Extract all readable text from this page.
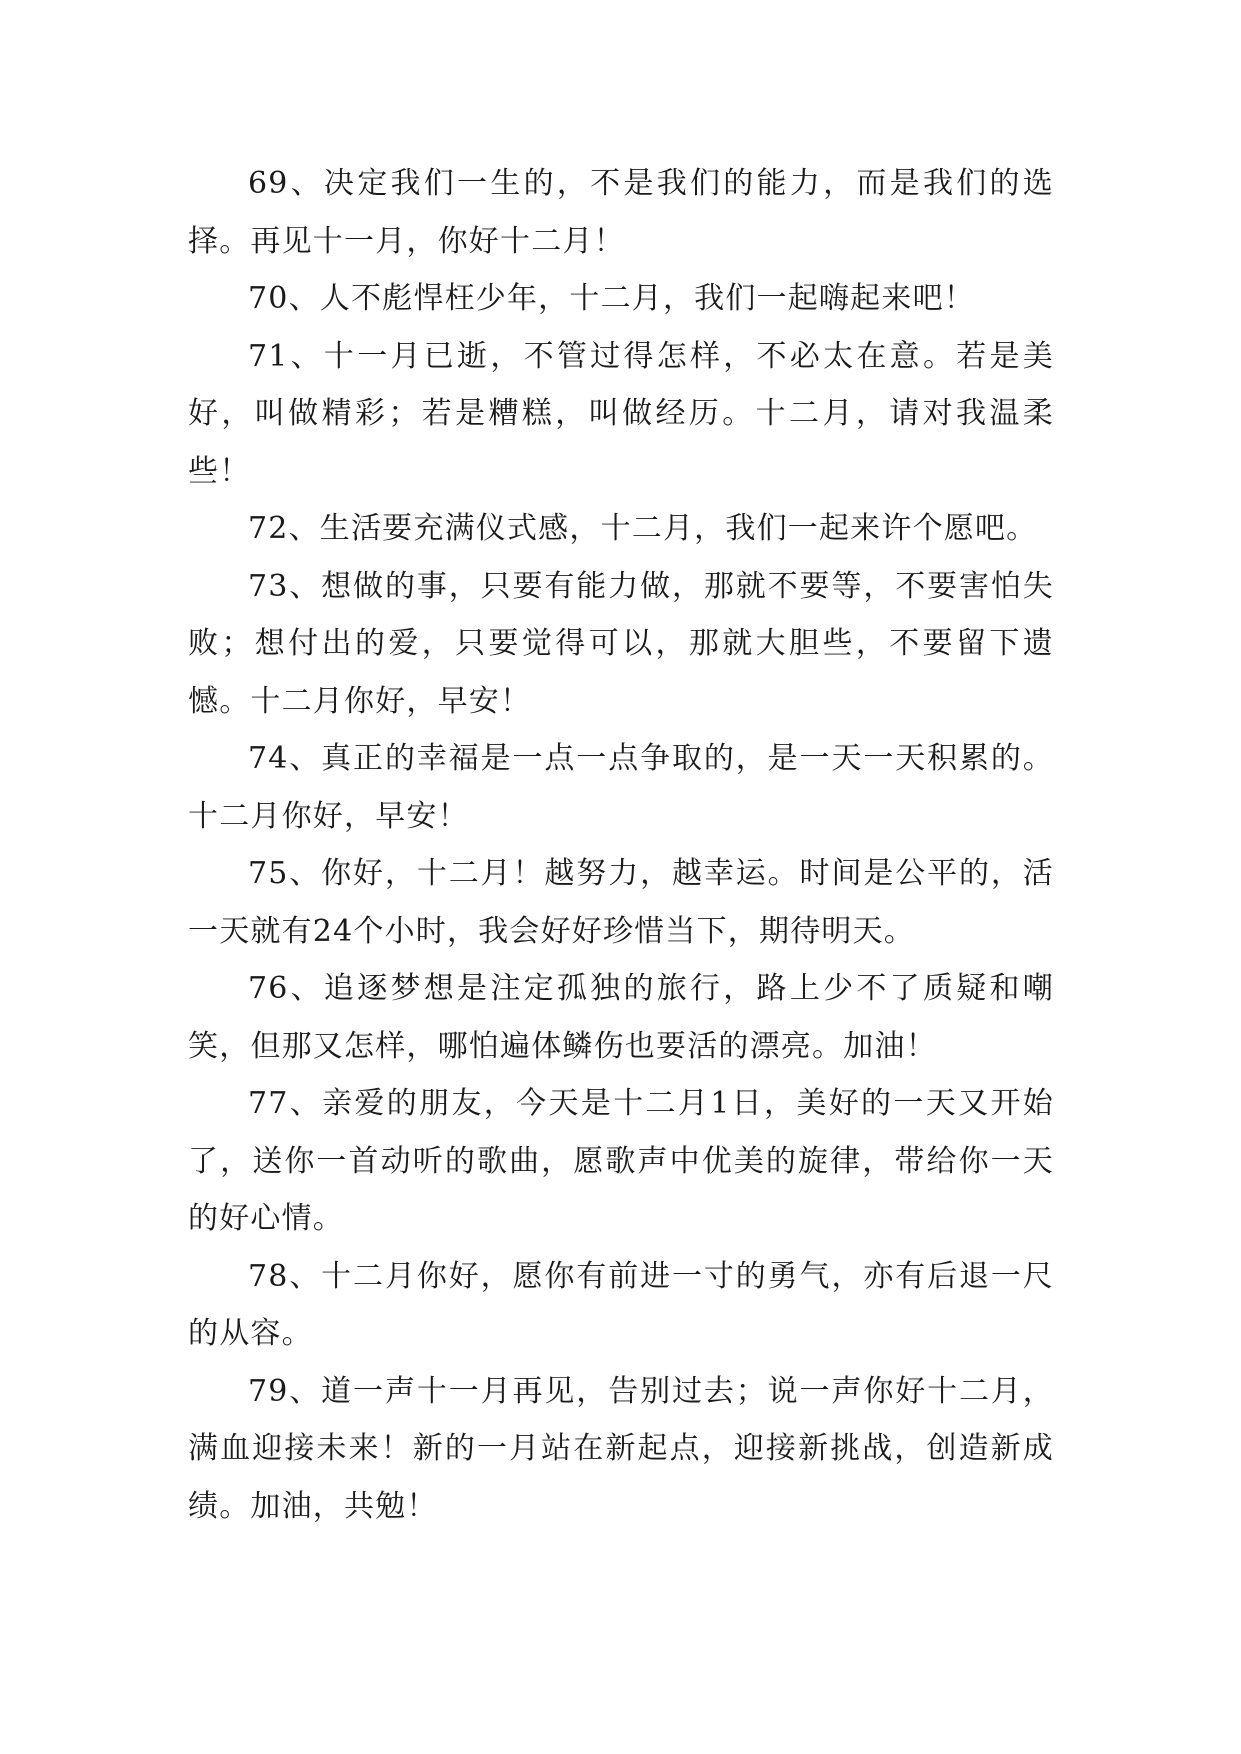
69、决定我们一生的，不是我们的能力，而是我们的选择。再见十一月，你好十二月！

70、人不彪悍枉少年，十二月，我们一起嗨起来吧！

71、十一月已逝，不管过得怎样，不必太在意。若是美好，叫做精彩；若是糟糕，叫做经历。十二月，请对我温柔些！

72、生活要充满仪式感，十二月，我们一起来许个愿吧。

73、想做的事，只要有能力做，那就不要等，不要害怕失败；想付出的爱，只要觉得可以，那就大胆些，不要留下遗憾。十二月你好，早安！

74、真正的幸福是一点一点争取的，是一天一天积累的。十二月你好，早安！

75、你好，十二月！越努力，越幸运。时间是公平的，活一天就有24个小时，我会好好珍惜当下，期待明天。

76、追逐梦想是注定孤独的旅行，路上少不了质疑和嘲笑，但那又怎样，哪怕遍体鳞伤也要活的漂亮。加油！

77、亲爱的朋友，今天是十二月1日，美好的一天又开始了，送你一首动听的歌曲，愿歌声中优美的旋律，带给你一天的好心情。

78、十二月你好，愿你有前进一寸的勇气，亦有后退一尺的从容。

79、道一声十一月再见，告别过去；说一声你好十二月，满血迎接未来！新的一月站在新起点，迎接新挑战，创造新成绩。加油，共勉！
